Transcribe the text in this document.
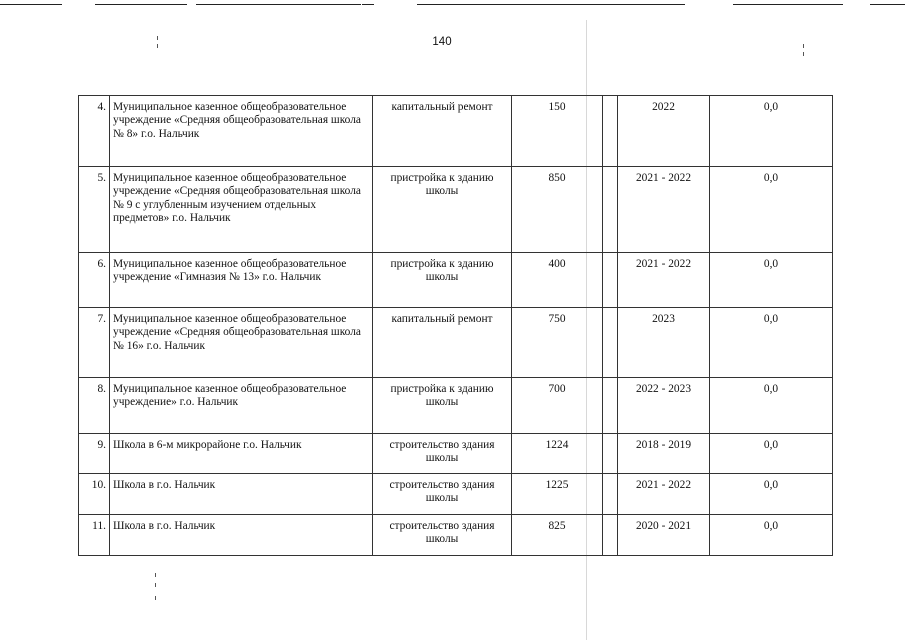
140
4.	Муниципальное казенное общеобразовательное учреждение «Средняя общеобразовательная школа № 8» г.о. Нальчик	капитальный ремонт	150		2022	0,0
5.	Муниципальное казенное общеобразовательное учреждение «Средняя общеобразовательная школа № 9 с углубленным изучением отдельных предметов» г.о. Нальчик	пристройка к зданию школы	850		2021 - 2022	0,0
6.	Муниципальное казенное общеобразовательное учреждение «Гимназия № 13» г.о. Нальчик	пристройка к зданию школы	400		2021 - 2022	0,0
7.	Муниципальное казенное общеобразовательное учреждение «Средняя общеобразовательная школа № 16» г.о. Нальчик	капитальный ремонт	750		2023	0,0
8.	Муниципальное казенное общеобразовательное учреждение» г.о. Нальчик	пристройка к зданию школы	700		2022 - 2023	0,0
9.	Школа в 6-м микрорайоне г.о. Нальчик	строительство здания школы	1224		2018 - 2019	0,0
10.	Школа в г.о. Нальчик	строительство здания школы	1225		2021 - 2022	0,0
11.	Школа в г.о. Нальчик	строительство здания школы	825		2020 - 2021	0,0
